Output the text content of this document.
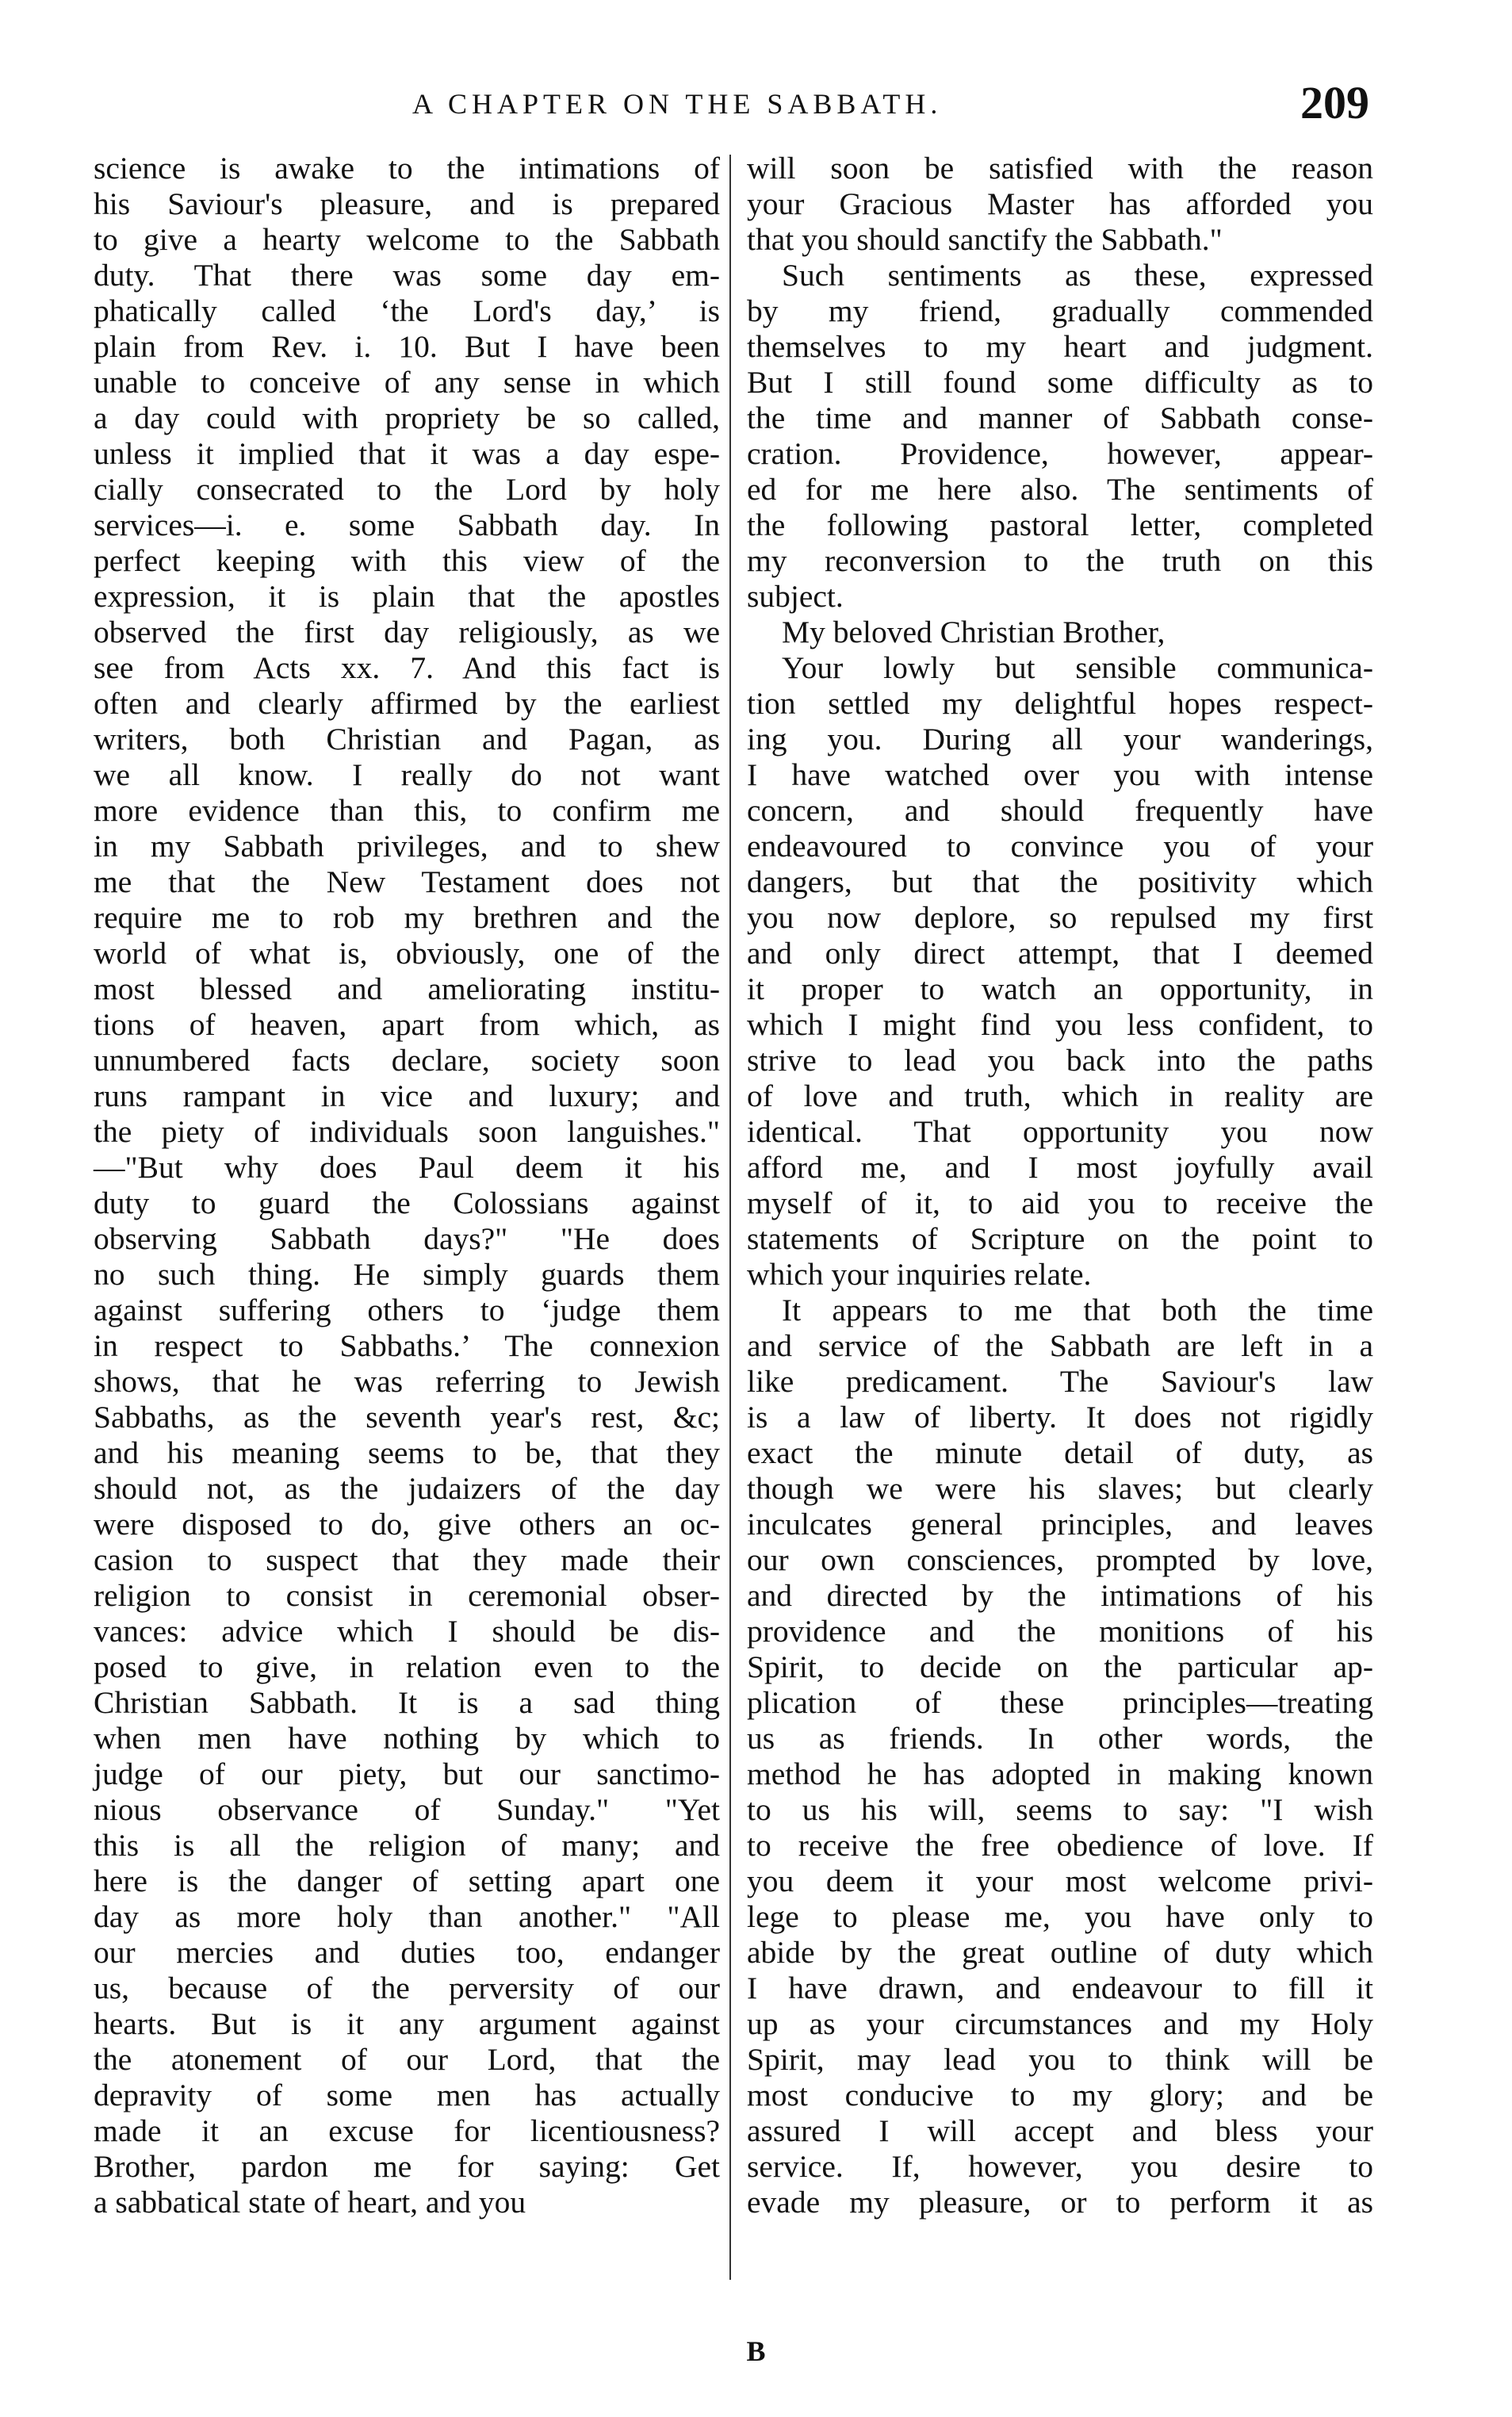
A CHAPTER ON THE SABBATH.	209
science is awake to the intimations of
his Saviour's pleasure, and is prepared
to give a hearty welcome to the Sabbath
duty. That there was some day em-
phatically called ‘the Lord's day,’ is
plain from Rev. i. 10. But I have been
unable to conceive of any sense in which
a day could with propriety be so called,
unless it implied that it was a day espe-
cially consecrated to the Lord by holy
services—i. e. some Sabbath day. In
perfect keeping with this view of the
expression, it is plain that the apostles
observed the first day religiously, as we
see from Acts xx. 7. And this fact is
often and clearly affirmed by the earliest
writers, both Christian and Pagan, as
we all know. I really do not want
more evidence than this, to confirm me
in my Sabbath privileges, and to shew
me that the New Testament does not
require me to rob my brethren and the
world of what is, obviously, one of the
most blessed and ameliorating institu-
tions of heaven, apart from which, as
unnumbered facts declare, society soon
runs rampant in vice and luxury; and
the piety of individuals soon languishes."
—"But why does Paul deem it his
duty to guard the Colossians against
observing Sabbath days?" "He does
no such thing. He simply guards them
against suffering others to ‘judge them
in respect to Sabbaths.’ The connexion
shows, that he was referring to Jewish
Sabbaths, as the seventh year's rest, &c;
and his meaning seems to be, that they
should not, as the judaizers of the day
were disposed to do, give others an oc-
casion to suspect that they made their
religion to consist in ceremonial obser-
vances: advice which I should be dis-
posed to give, in relation even to the
Christian Sabbath. It is a sad thing
when men have nothing by which to
judge of our piety, but our sanctimo-
nious observance of Sunday." "Yet
this is all the religion of many; and
here is the danger of setting apart one
day as more holy than another." "All
our mercies and duties too, endanger
us, because of the perversity of our
hearts. But is it any argument against
the atonement of our Lord, that the
depravity of some men has actually
made it an excuse for licentiousness?
Brother, pardon me for saying: Get
a sabbatical state of heart, and you
will soon be satisfied with the reason
your Gracious Master has afforded you
that you should sanctify the Sabbath."
Such sentiments as these, expressed
by my friend, gradually commended
themselves to my heart and judgment.
But I still found some difficulty as to
the time and manner of Sabbath conse-
cration. Providence, however, appear-
ed for me here also. The sentiments of
the following pastoral letter, completed
my reconversion to the truth on this
subject.
My beloved Christian Brother,
Your lowly but sensible communica-
tion settled my delightful hopes respect-
ing you. During all your wanderings,
I have watched over you with intense
concern, and should frequently have
endeavoured to convince you of your
dangers, but that the positivity which
you now deplore, so repulsed my first
and only direct attempt, that I deemed
it proper to watch an opportunity, in
which I might find you less confident, to
strive to lead you back into the paths
of love and truth, which in reality are
identical. That opportunity you now
afford me, and I most joyfully avail
myself of it, to aid you to receive the
statements of Scripture on the point to
which your inquiries relate.
It appears to me that both the time
and service of the Sabbath are left in a
like predicament. The Saviour's law
is a law of liberty. It does not rigidly
exact the minute detail of duty, as
though we were his slaves; but clearly
inculcates general principles, and leaves
our own consciences, prompted by love,
and directed by the intimations of his
providence and the monitions of his
Spirit, to decide on the particular ap-
plication of these principles—treating
us as friends. In other words, the
method he has adopted in making known
to us his will, seems to say: "I wish
to receive the free obedience of love. If
you deem it your most welcome privi-
lege to please me, you have only to
abide by the great outline of duty which
I have drawn, and endeavour to fill it
up as your circumstances and my Holy
Spirit, may lead you to think will be
most conducive to my glory; and be
assured I will accept and bless your
service. If, however, you desire to
evade my pleasure, or to perform it as
B
